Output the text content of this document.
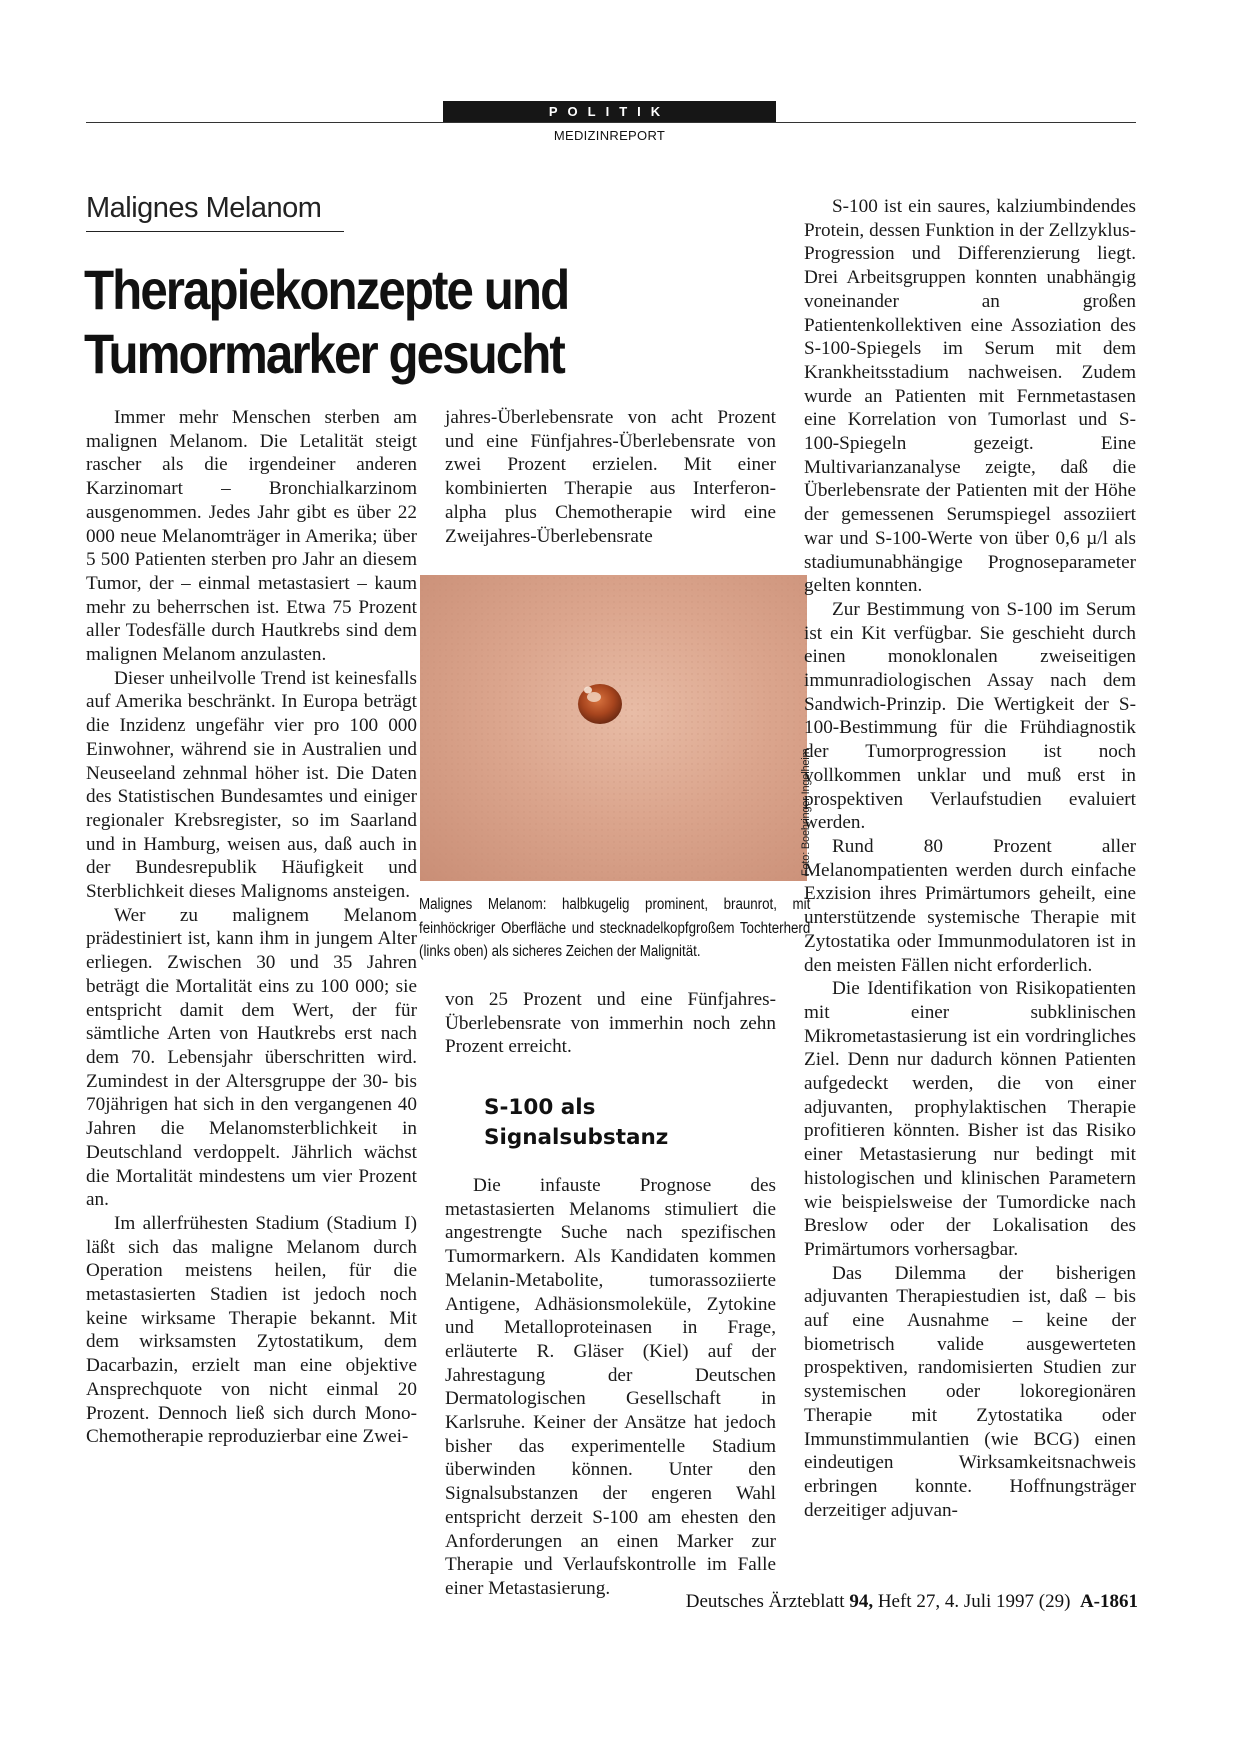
POLITIK
MEDIZINREPORT
Malignes Melanom
Therapiekonzepte und
Tumormarker gesucht

Immer mehr Menschen sterben am malignen Melanom. Die Letalität steigt rascher als die irgendeiner anderen Karzinomart – Bronchialkarzinom ausgenommen. Jedes Jahr gibt es über 22 000 neue Melanomträger in Amerika; über 5 500 Patienten sterben pro Jahr an diesem Tumor, der – einmal metastasiert – kaum mehr zu beherrschen ist. Etwa 75 Prozent aller Todesfälle durch Hautkrebs sind dem malignen Melanom anzulasten.

Dieser unheilvolle Trend ist keinesfalls auf Amerika beschränkt. In Europa beträgt die Inzidenz ungefähr vier pro 100 000 Einwohner, während sie in Australien und Neuseeland zehnmal höher ist. Die Daten des Statistischen Bundesamtes und einiger regionaler Krebsregister, so im Saarland und in Hamburg, weisen aus, daß auch in der Bundesrepublik Häufigkeit und Sterblichkeit dieses Malignoms ansteigen.

Wer zu malignem Melanom prädestiniert ist, kann ihm in jungem Alter erliegen. Zwischen 30 und 35 Jahren beträgt die Mortalität eins zu 100 000; sie entspricht damit dem Wert, der für sämtliche Arten von Hautkrebs erst nach dem 70. Lebensjahr überschritten wird. Zumindest in der Altersgruppe der 30- bis 70jährigen hat sich in den vergangenen 40 Jahren die Melanomsterblichkeit in Deutschland verdoppelt. Jährlich wächst die Mortalität mindestens um vier Prozent an.

Im allerfrühesten Stadium (Stadium I) läßt sich das maligne Melanom durch Operation meistens heilen, für die metastasierten Stadien ist jedoch noch keine wirksame Therapie bekannt. Mit dem wirksamsten Zytostatikum, dem Dacarbazin, erzielt man eine objektive Ansprechquote von nicht einmal 20 Prozent. Dennoch ließ sich durch Mono-Chemotherapie reproduzierbar eine Zwei-

jahres-Überlebensrate von acht Prozent und eine Fünfjahres-Überlebensrate von zwei Prozent erzielen. Mit einer kombinierten Therapie aus Interferon-alpha plus Chemotherapie wird eine Zweijahres-Überlebensrate

Foto: Boehringer Ingelheim

Malignes Melanom: halbkugelig prominent, braunrot, mit feinhöckriger Oberfläche und stecknadelkopfgroßem Tochterherd (links oben) als sicheres Zeichen der Malignität.

von 25 Prozent und eine Fünfjahres-Überlebensrate von immerhin noch zehn Prozent erreicht.

S-100 als
Signalsubstanz

Die infauste Prognose des metastasierten Melanoms stimuliert die angestrengte Suche nach spezifischen Tumormarkern. Als Kandidaten kommen Melanin-Metabolite, tumorassoziierte Antigene, Adhäsionsmoleküle, Zytokine und Metalloproteinasen in Frage, erläuterte R. Gläser (Kiel) auf der Jahrestagung der Deutschen Dermatologischen Gesellschaft in Karlsruhe. Keiner der Ansätze hat jedoch bisher das experimentelle Stadium überwinden können. Unter den Signalsubstanzen der engeren Wahl entspricht derzeit S-100 am ehesten den Anforderungen an einen Marker zur Therapie und Verlaufskontrolle im Falle einer Metastasierung.

S-100 ist ein saures, kalziumbindendes Protein, dessen Funktion in der Zellzyklus-Progression und Differenzierung liegt. Drei Arbeitsgruppen konnten unabhängig voneinander an großen Patientenkollektiven eine Assoziation des S-100-Spiegels im Serum mit dem Krankheitsstadium nachweisen. Zudem wurde an Patienten mit Fernmetastasen eine Korrelation von Tumorlast und S-100-Spiegeln gezeigt. Eine Multivarianzanalyse zeigte, daß die Überlebensrate der Patienten mit der Höhe der gemessenen Serumspiegel assoziiert war und S-100-Werte von über 0,6 µ/l als stadiumunabhängige Prognoseparameter gelten konnten.

Zur Bestimmung von S-100 im Serum ist ein Kit verfügbar. Sie geschieht durch einen monoklonalen zweiseitigen immunradiologischen Assay nach dem Sandwich-Prinzip. Die Wertigkeit der S-100-Bestimmung für die Frühdiagnostik der Tumorprogression ist noch vollkommen unklar und muß erst in prospektiven Verlaufstudien evaluiert werden.

Rund 80 Prozent aller Melanompatienten werden durch einfache Exzision ihres Primärtumors geheilt, eine unterstützende systemische Therapie mit Zytostatika oder Immunmodulatoren ist in den meisten Fällen nicht erforderlich.

Die Identifikation von Risikopatienten mit einer subklinischen Mikrometastasierung ist ein vordringliches Ziel. Denn nur dadurch können Patienten aufgedeckt werden, die von einer adjuvanten, prophylaktischen Therapie profitieren könnten. Bisher ist das Risiko einer Metastasierung nur bedingt mit histologischen und klinischen Parametern wie beispielsweise der Tumordicke nach Breslow oder der Lokalisation des Primärtumors vorhersagbar.

Das Dilemma der bisherigen adjuvanten Therapiestudien ist, daß – bis auf eine Ausnahme – keine der biometrisch valide ausgewerteten prospektiven, randomisierten Studien zur systemischen oder lokoregionären Therapie mit Zytostatika oder Immunstimmulantien (wie BCG) einen eindeutigen Wirksamkeitsnachweis erbringen konnte. Hoffnungsträger derzeitiger adjuvan-

Deutsches Ärzteblatt 94, Heft 27, 4. Juli 1997 (29) A-1861
